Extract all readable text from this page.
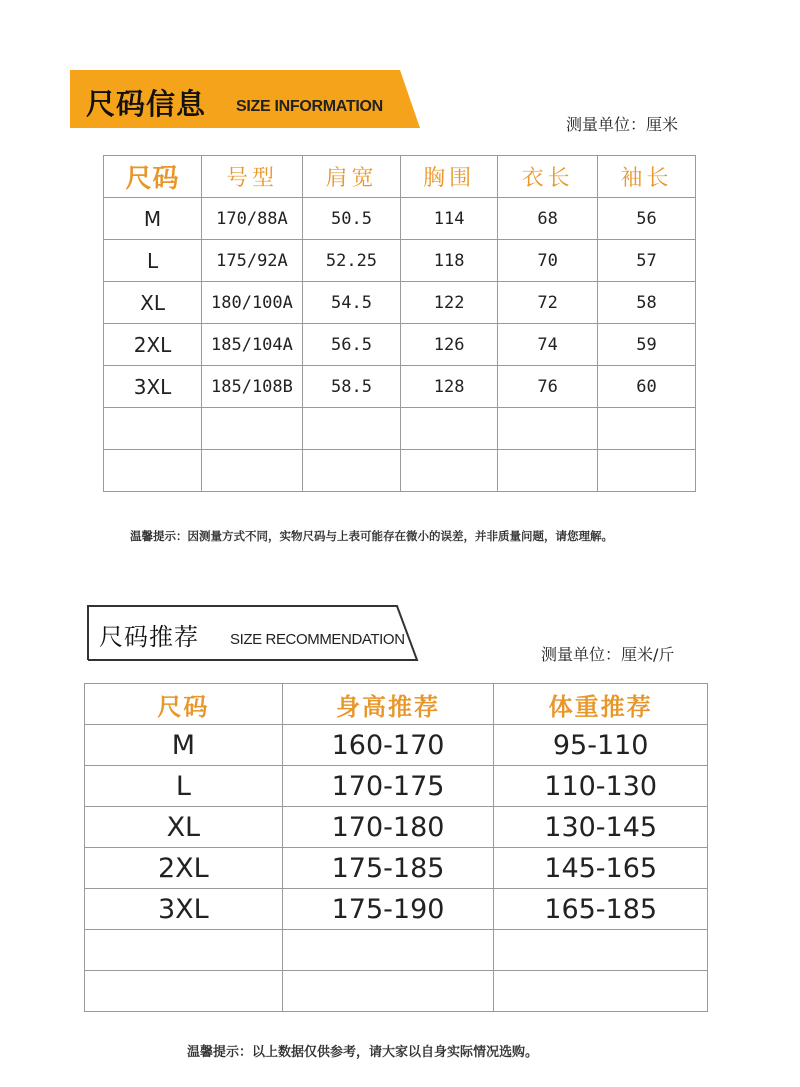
尺码信息 SIZE INFORMATION
测量单位：厘米
尺码	号型	肩宽	胸围	衣长	袖长
M	170/88A	50.5	114	68	56
L	175/92A	52.25	118	70	57
XL	180/100A	54.5	122	72	58
2XL	185/104A	56.5	126	74	59
3XL	185/108B	58.5	128	76	60

温馨提示：因测量方式不同，实物尺码与上表可能存在微小的误差，并非质量问题，请您理解。
尺码推荐 SIZE RECOMMENDATION
测量单位：厘米/斤
尺码	身高推荐	体重推荐
M	160-170	95-110
L	170-175	110-130
XL	170-180	130-145
2XL	175-185	145-165
3XL	175-190	165-185

温馨提示：以上数据仅供参考，请大家以自身实际情况选购。
